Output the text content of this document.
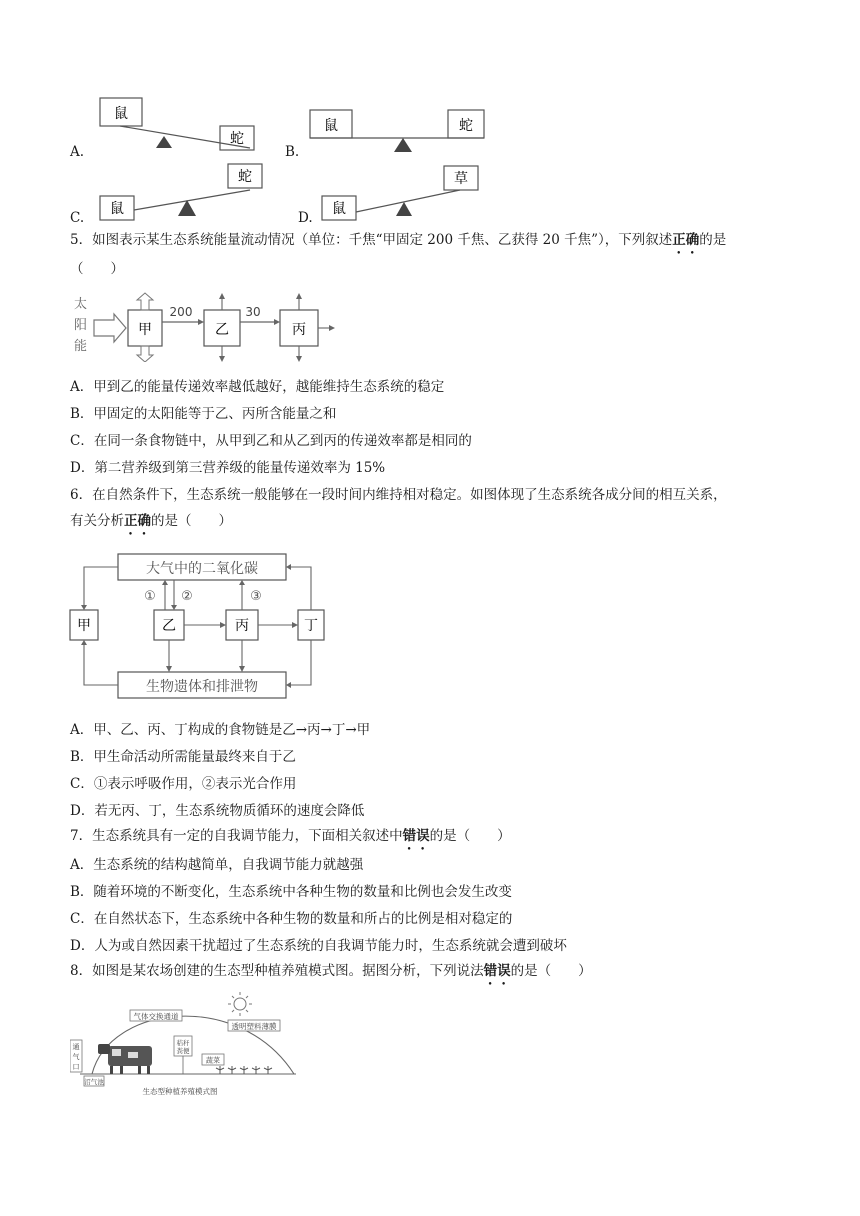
鼠
蛇
鼠	蛇
鼠
蛇
鼠
草
A.	B.
C.	D.
5．如图表示某生态系统能量流动情况（单位：千焦“甲固定 200 千焦、乙获得 20 千焦”），下列叙述正确的是
（　　）
太
阳
能
甲
200
乙
30
丙
A．甲到乙的能量传递效率越低越好，越能维持生态系统的稳定
B．甲固定的太阳能等于乙、丙所含能量之和
C．在同一条食物链中，从甲到乙和从乙到丙的传递效率都是相同的
D．第二营养级到第三营养级的能量传递效率为 15%
6．在自然条件下，生态系统一般能够在一段时间内维持相对稳定。如图体现了生态系统各成分间的相互关系，
有关分析正确的是（　　）
大气中的二氧化碳
生物遗体和排泄物
甲	乙	丙	丁
① ②	③
A．甲、乙、丙、丁构成的食物链是乙→丙→丁→甲
B．甲生命活动所需能量最终来自于乙
C．①表示呼吸作用，②表示光合作用
D．若无丙、丁，生态系统物质循环的速度会降低
7．生态系统具有一定的自我调节能力，下面相关叙述中错误的是（　　）
A．生态系统的结构越简单，自我调节能力就越强
B．随着环境的不断变化，生态系统中各种生物的数量和比例也会发生改变
C．在自然状态下，生态系统中各种生物的数量和所占的比例是相对稳定的
D．人为或自然因素干扰超过了生态系统的自我调节能力时，生态系统就会遭到破坏
8．如图是某农场创建的生态型种植养殖模式图。据图分析，下列说法错误的是（　　）
气体交换通道
透明塑料薄膜
通
气
口
沼气池
秸秆
粪便
蔬菜
生态型种植养殖模式图
